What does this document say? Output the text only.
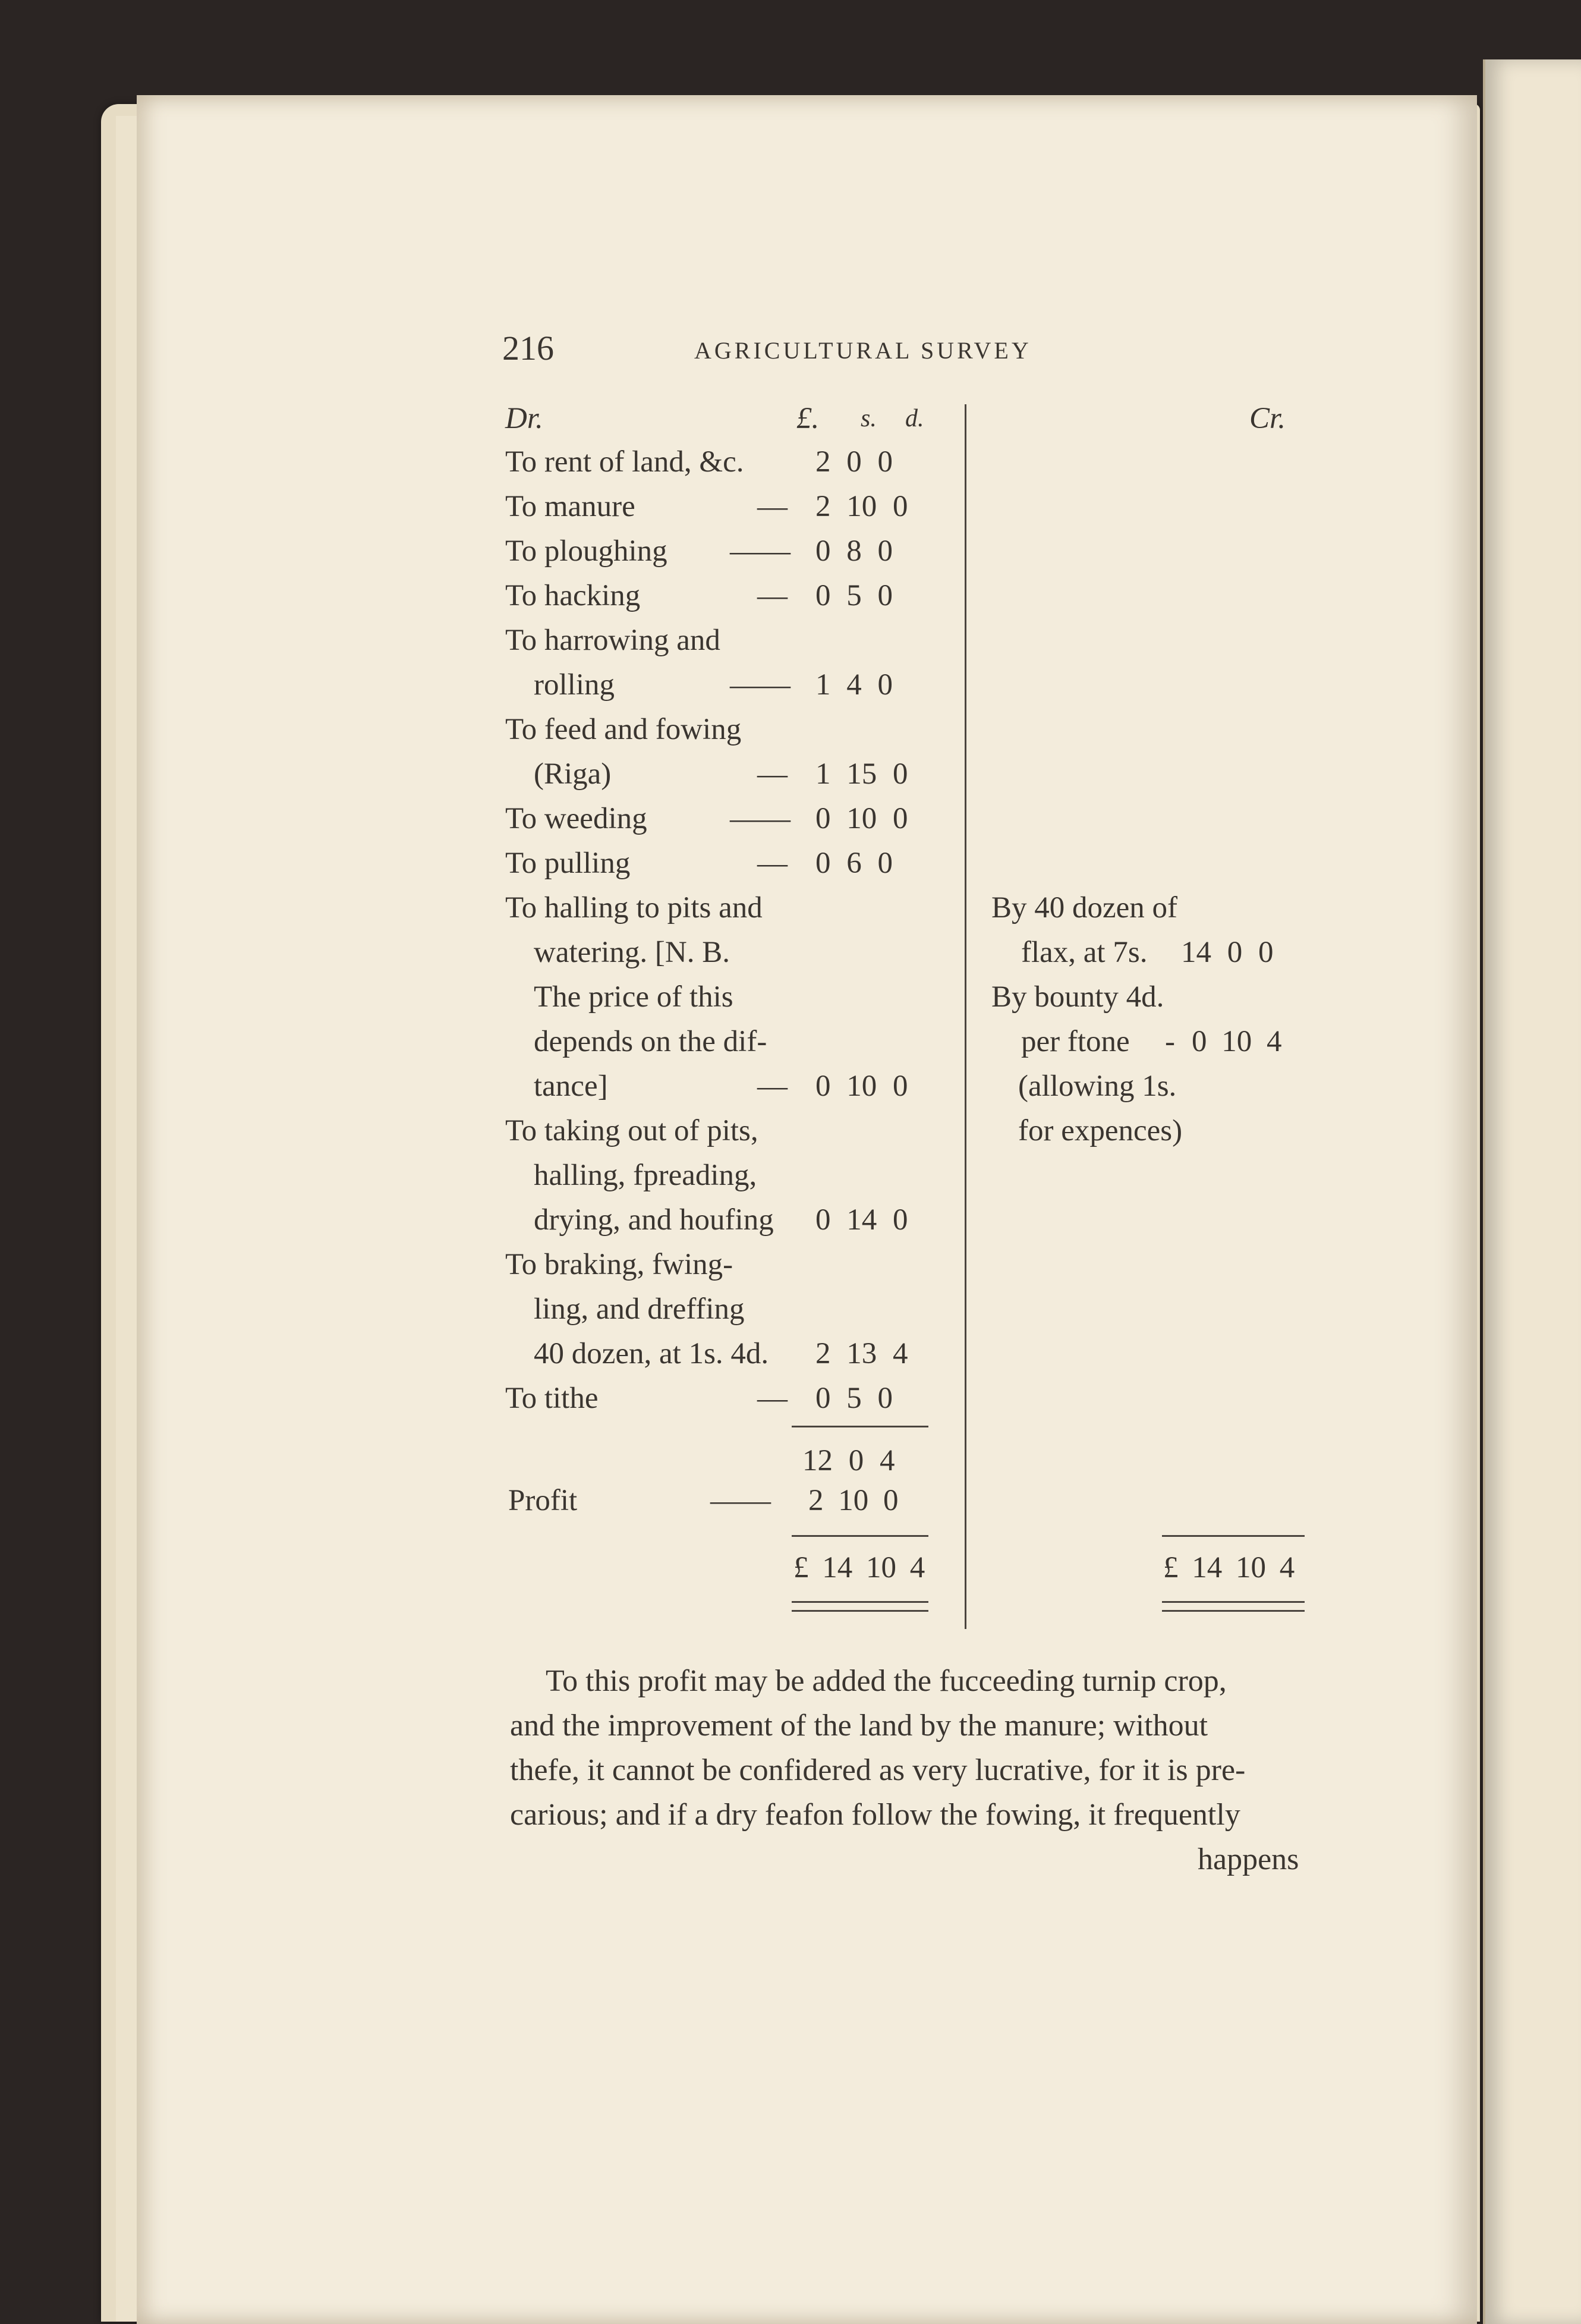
216	AGRICULTURAL SURVEY
Dr.	£. s. d.	Cr.
To rent of land, &c. 2 0 0
To manure	— 2 10 0
To ploughing —— 0 8 0
To hacking	— 0 5 0
To harrowing and
rolling	—— 1 4 0
To feed and fowing
(Riga)	— 1 15 0
To weeding	—— 0 10 0
To pulling	— 0 6 0
To halling to pits and
watering. [N. B.
The price of this
depends on the dif-
tance]	— 0 10 0
To taking out of pits,
halling, fpreading,
drying, and houfing 0 14 0
To braking, fwing-
ling, and dreffing
40 dozen, at 1s. 4d. 2 13 4
To tithe	— 0 5 0
12 0 4
Profit	—— 2 10 0
£ 14 10 4
By 40 dozen of
flax, at 7s. 14 0 0
By bounty 4d.
per ftone - 0 10 4
(allowing 1s.
for expences)
£ 14 10 4
To this profit may be added the fucceeding turnip crop,
and the improvement of the land by the manure; without
thefe, it cannot be confidered as very lucrative, for it is pre-
carious; and if a dry feafon follow the fowing, it frequently
happens
